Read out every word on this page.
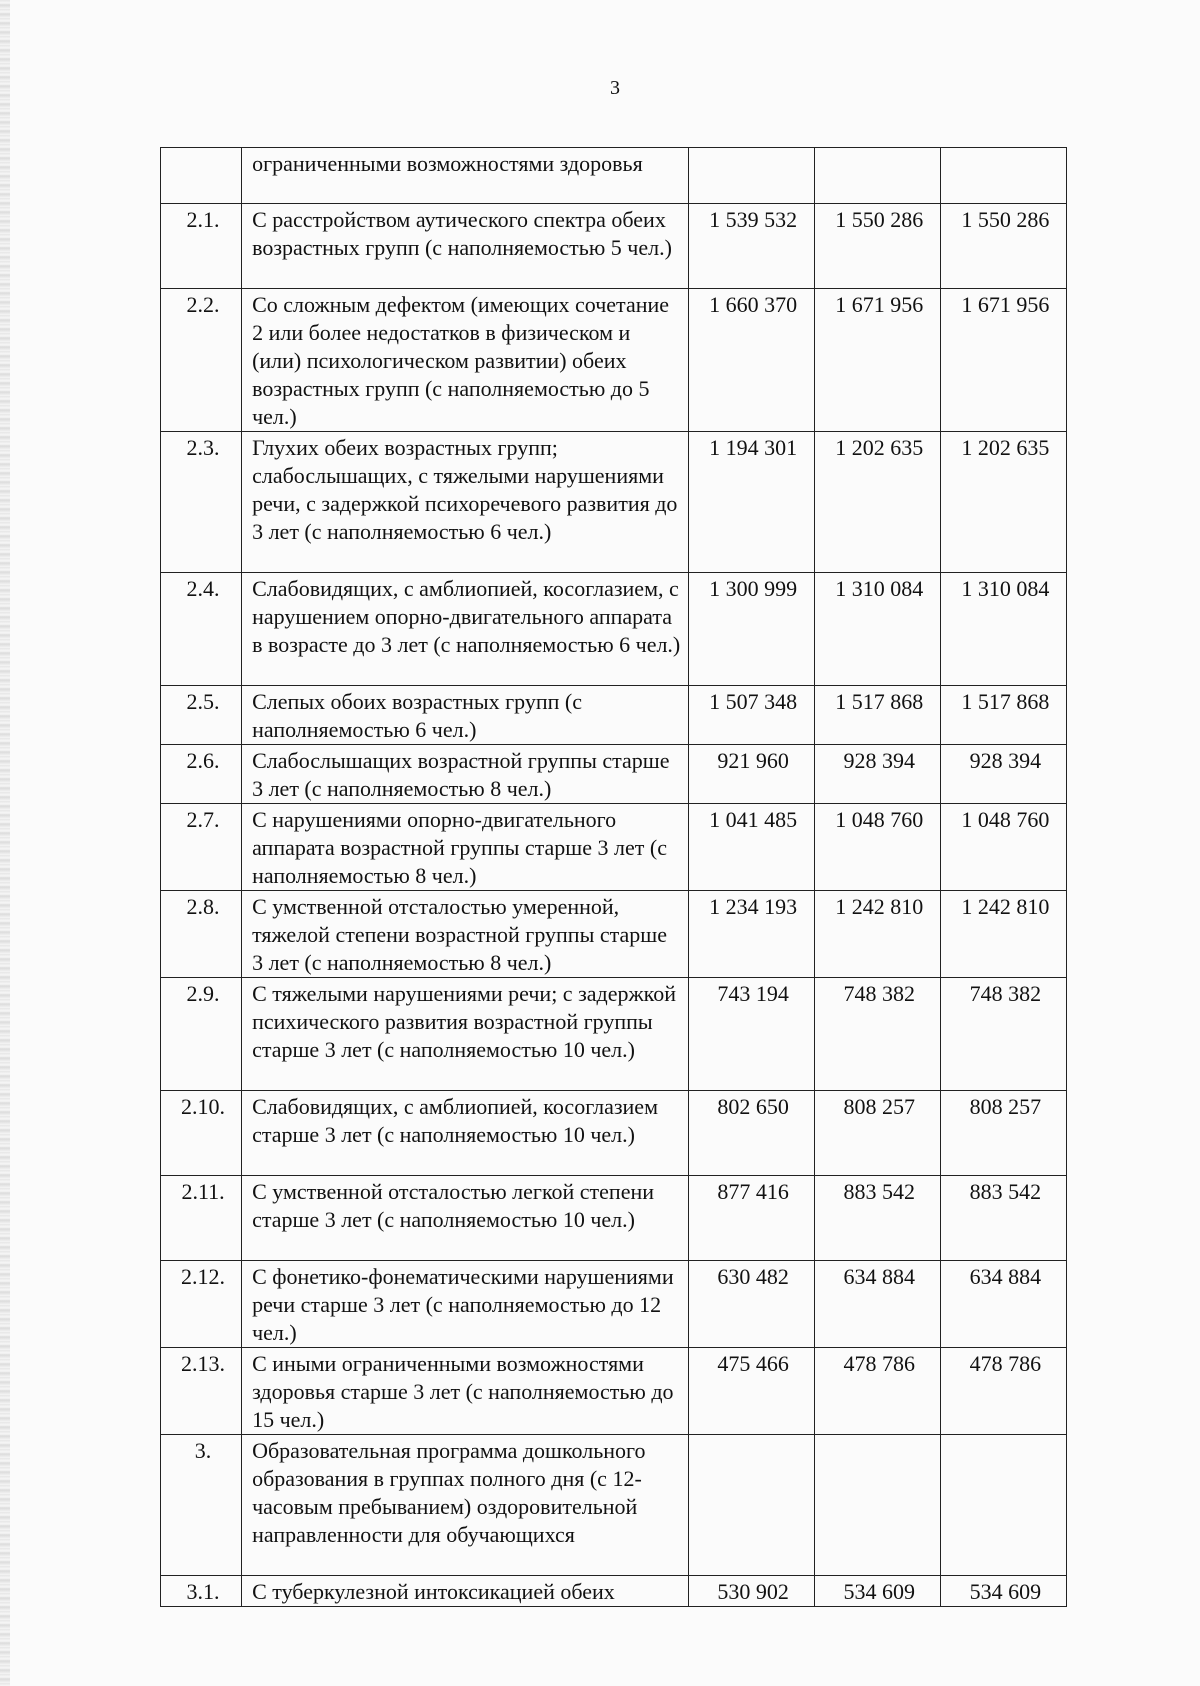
3
	ограниченными возможностями здоровья			
2.1.	С расстройством аутического спектра обеих возрастных групп (с наполняемостью 5 чел.)	1 539 532	1 550 286	1 550 286
2.2.	Со сложным дефектом (имеющих сочетание 2 или более недостатков в физическом и (или) психологическом развитии) обеих возрастных групп (с наполняемостью до 5 чел.)	1 660 370	1 671 956	1 671 956
2.3.	Глухих обеих возрастных групп; слабослышащих, с тяжелыми нарушениями речи, с задержкой психоречевого развития до 3 лет (с наполняемостью 6 чел.)	1 194 301	1 202 635	1 202 635
2.4.	Слабовидящих, с амблиопией, косоглазием, с нарушением опорно-двигательного аппарата в возрасте до 3 лет (с наполняемостью 6 чел.)	1 300 999	1 310 084	1 310 084
2.5.	Слепых обоих возрастных групп (с наполняемостью 6 чел.)	1 507 348	1 517 868	1 517 868
2.6.	Слабослышащих возрастной группы старше 3 лет (с наполняемостью 8 чел.)	921 960	928 394	928 394
2.7.	С нарушениями опорно-двигательного аппарата возрастной группы старше 3 лет (с наполняемостью 8 чел.)	1 041 485	1 048 760	1 048 760
2.8.	С умственной отсталостью умеренной, тяжелой степени возрастной группы старше 3 лет (с наполняемостью 8 чел.)	1 234 193	1 242 810	1 242 810
2.9.	С тяжелыми нарушениями речи; с задержкой психического развития возрастной группы старше 3 лет (с наполняемостью 10 чел.)	743 194	748 382	748 382
2.10.	Слабовидящих, с амблиопией, косоглазием старше 3 лет (с наполняемостью 10 чел.)	802 650	808 257	808 257
2.11.	С умственной отсталостью легкой степени старше 3 лет (с наполняемостью 10 чел.)	877 416	883 542	883 542
2.12.	С фонетико-фонематическими нарушениями речи старше 3 лет (с наполняемостью до 12 чел.)	630 482	634 884	634 884
2.13.	С иными ограниченными возможностями здоровья старше 3 лет (с наполняемостью до 15 чел.)	475 466	478 786	478 786
3.	Образовательная программа дошкольного образования в группах полного дня (с 12-часовым пребыванием) оздоровительной направленности для обучающихся			
3.1.	С туберкулезной интоксикацией обеих	530 902	534 609	534 609
